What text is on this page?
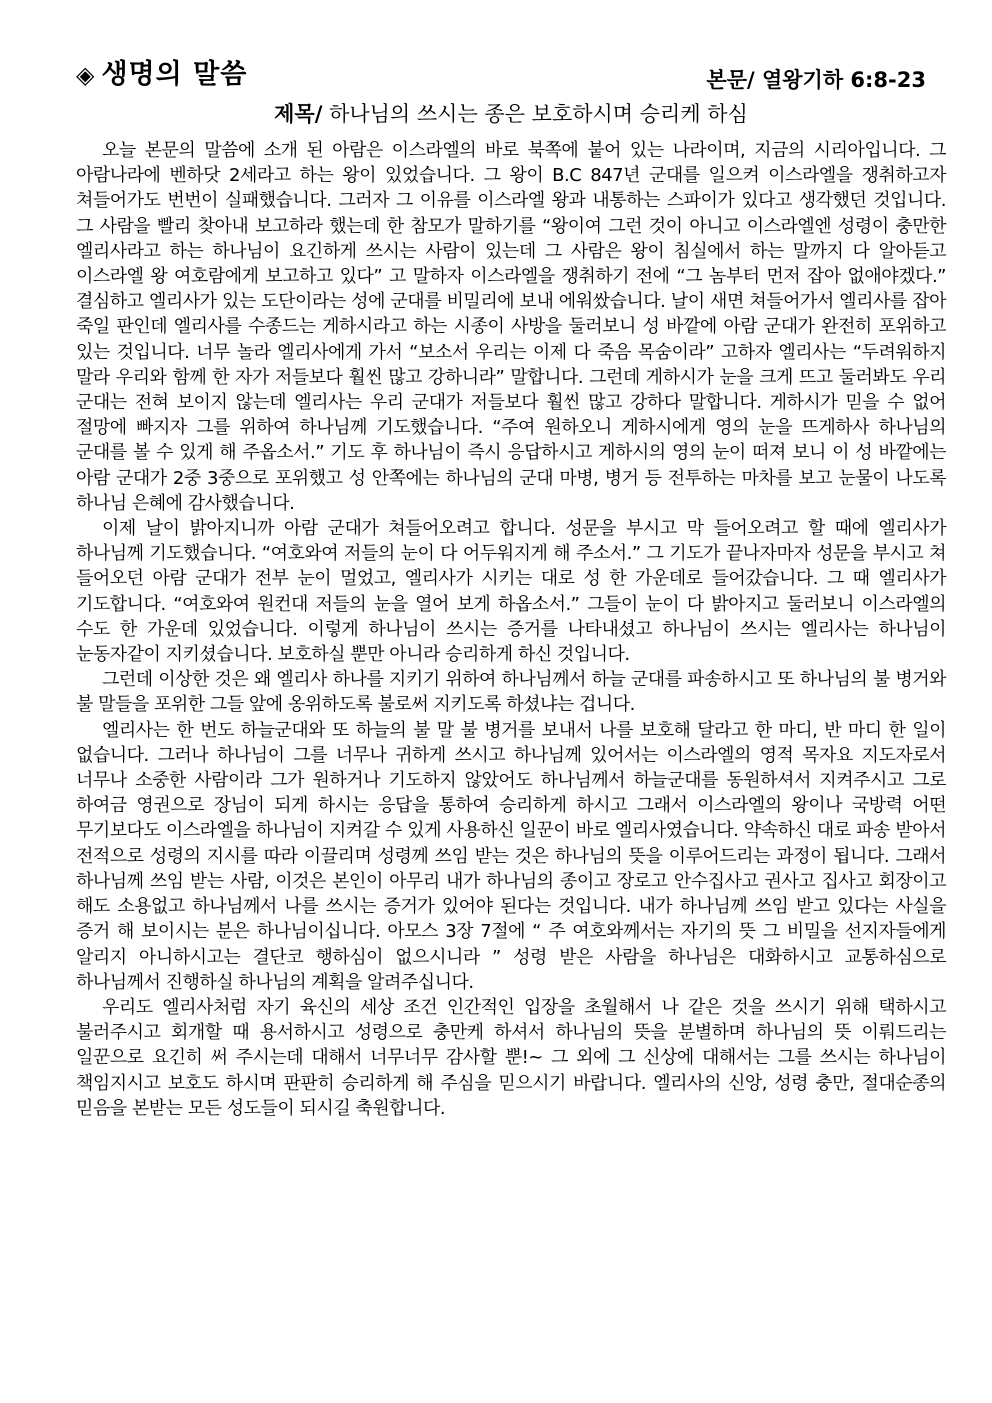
◈ 생명의 말씀	본문/ 열왕기하 6:8-23
제목/ 하나님의 쓰시는 종은 보호하시며 승리케 하심

오늘 본문의 말씀에 소개 된 아람은 이스라엘의 바로 북쪽에 붙어 있는 나라이며, 지금의 시리아입니다. 그 아람나라에 벤하닷 2세라고 하는 왕이 있었습니다. 그 왕이 B.C 847년 군대를 일으켜 이스라엘을 쟁취하고자 쳐들어가도 번번이 실패했습니다. 그러자 그 이유를 이스라엘 왕과 내통하는 스파이가 있다고 생각했던 것입니다. 그 사람을 빨리 찾아내 보고하라 했는데 한 참모가 말하기를 “왕이여 그런 것이 아니고 이스라엘엔 성령이 충만한 엘리사라고 하는 하나님이 요긴하게 쓰시는 사람이 있는데 그 사람은 왕이 침실에서 하는 말까지 다 알아듣고 이스라엘 왕 여호람에게 보고하고 있다” 고 말하자 이스라엘을 쟁취하기 전에 “그 놈부터 먼저 잡아 없애야겠다.” 결심하고 엘리사가 있는 도단이라는 성에 군대를 비밀리에 보내 에워쌌습니다. 날이 새면 쳐들어가서 엘리사를 잡아 죽일 판인데 엘리사를 수종드는 게하시라고 하는 시종이 사방을 둘러보니 성 바깥에 아람 군대가 완전히 포위하고 있는 것입니다. 너무 놀라 엘리사에게 가서 “보소서 우리는 이제 다 죽음 목숨이라” 고하자 엘리사는 “두려워하지 말라 우리와 함께 한 자가 저들보다 훨씬 많고 강하니라” 말합니다. 그런데 게하시가 눈을 크게 뜨고 둘러봐도 우리 군대는 전혀 보이지 않는데 엘리사는 우리 군대가 저들보다 훨씬 많고 강하다 말합니다. 게하시가 믿을 수 없어 절망에 빠지자 그를 위하여 하나님께 기도했습니다. “주여 원하오니 게하시에게 영의 눈을 뜨게하사 하나님의 군대를 볼 수 있게 해 주옵소서.” 기도 후 하나님이 즉시 응답하시고 게하시의 영의 눈이 떠져 보니 이 성 바깥에는 아람 군대가 2중 3중으로 포위했고 성 안쪽에는 하나님의 군대 마병, 병거 등 전투하는 마차를 보고 눈물이 나도록 하나님 은혜에 감사했습니다.

이제 날이 밝아지니까 아람 군대가 쳐들어오려고 합니다. 성문을 부시고 막 들어오려고 할 때에 엘리사가 하나님께 기도했습니다. “여호와여 저들의 눈이 다 어두워지게 해 주소서.” 그 기도가 끝나자마자 성문을 부시고 쳐 들어오던 아람 군대가 전부 눈이 멀었고, 엘리사가 시키는 대로 성 한 가운데로 들어갔습니다. 그 때 엘리사가 기도합니다. “여호와여 원컨대 저들의 눈을 열어 보게 하옵소서.” 그들이 눈이 다 밝아지고 둘러보니 이스라엘의 수도 한 가운데 있었습니다. 이렇게 하나님이 쓰시는 증거를 나타내셨고 하나님이 쓰시는 엘리사는 하나님이 눈동자같이 지키셨습니다. 보호하실 뿐만 아니라 승리하게 하신 것입니다.

그런데 이상한 것은 왜 엘리사 하나를 지키기 위하여 하나님께서 하늘 군대를 파송하시고 또 하나님의 불 병거와 불 말들을 포위한 그들 앞에 옹위하도록 불로써 지키도록 하셨냐는 겁니다.

엘리사는 한 번도 하늘군대와 또 하늘의 불 말 불 병거를 보내서 나를 보호해 달라고 한 마디, 반 마디 한 일이 없습니다. 그러나 하나님이 그를 너무나 귀하게 쓰시고 하나님께 있어서는 이스라엘의 영적 목자요 지도자로서 너무나 소중한 사람이라 그가 원하거나 기도하지 않았어도 하나님께서 하늘군대를 동원하셔서 지켜주시고 그로 하여금 영권으로 장님이 되게 하시는 응답을 통하여 승리하게 하시고 그래서 이스라엘의 왕이나 국방력 어떤 무기보다도 이스라엘을 하나님이 지켜갈 수 있게 사용하신 일꾼이 바로 엘리사였습니다. 약속하신 대로 파송 받아서 전적으로 성령의 지시를 따라 이끌리며 성령께 쓰임 받는 것은 하나님의 뜻을 이루어드리는 과정이 됩니다. 그래서 하나님께 쓰임 받는 사람, 이것은 본인이 아무리 내가 하나님의 종이고 장로고 안수집사고 권사고 집사고 회장이고 해도 소용없고 하나님께서 나를 쓰시는 증거가 있어야 된다는 것입니다. 내가 하나님께 쓰임 받고 있다는 사실을 증거 해 보이시는 분은 하나님이십니다. 아모스 3장 7절에 “ 주 여호와께서는 자기의 뜻 그 비밀을 선지자들에게 알리지 아니하시고는 결단코 행하심이 없으시니라 ” 성령 받은 사람을 하나님은 대화하시고 교통하심으로 하나님께서 진행하실 하나님의 계획을 알려주십니다.

우리도 엘리사처럼 자기 육신의 세상 조건 인간적인 입장을 초월해서 나 같은 것을 쓰시기 위해 택하시고 불러주시고 회개할 때 용서하시고 성령으로 충만케 하셔서 하나님의 뜻을 분별하며 하나님의 뜻 이뤄드리는 일꾼으로 요긴히 써 주시는데 대해서 너무너무 감사할 뿐!~ 그 외에 그 신상에 대해서는 그를 쓰시는 하나님이 책임지시고 보호도 하시며 판판히 승리하게 해 주심을 믿으시기 바랍니다. 엘리사의 신앙, 성령 충만, 절대순종의 믿음을 본받는 모든 성도들이 되시길 축원합니다.
